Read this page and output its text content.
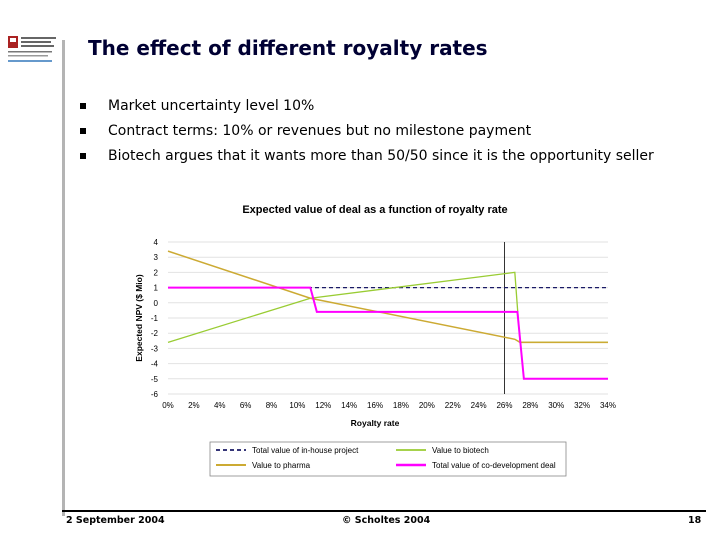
The effect of different royalty rates
Market uncertainty level 10%
Contract terms: 10% or revenues but no milestone payment
Biotech argues that it wants more than 50/50 since it is the opportunity seller
Expected value of deal as a function of royalty rate
4
3
2
1
0
-1
-2
-3
-4
-5
-6
0% 2% 4% 6% 8% 10% 12% 14% 16% 18% 20% 22% 24% 26% 28% 30% 32% 34%
Expected NPV ($ Mio)
Royalty rate
Total value of in-house project	Value to biotech
Value to pharma	Total value of co-development deal
2 September 2004	© Scholtes 2004	18
